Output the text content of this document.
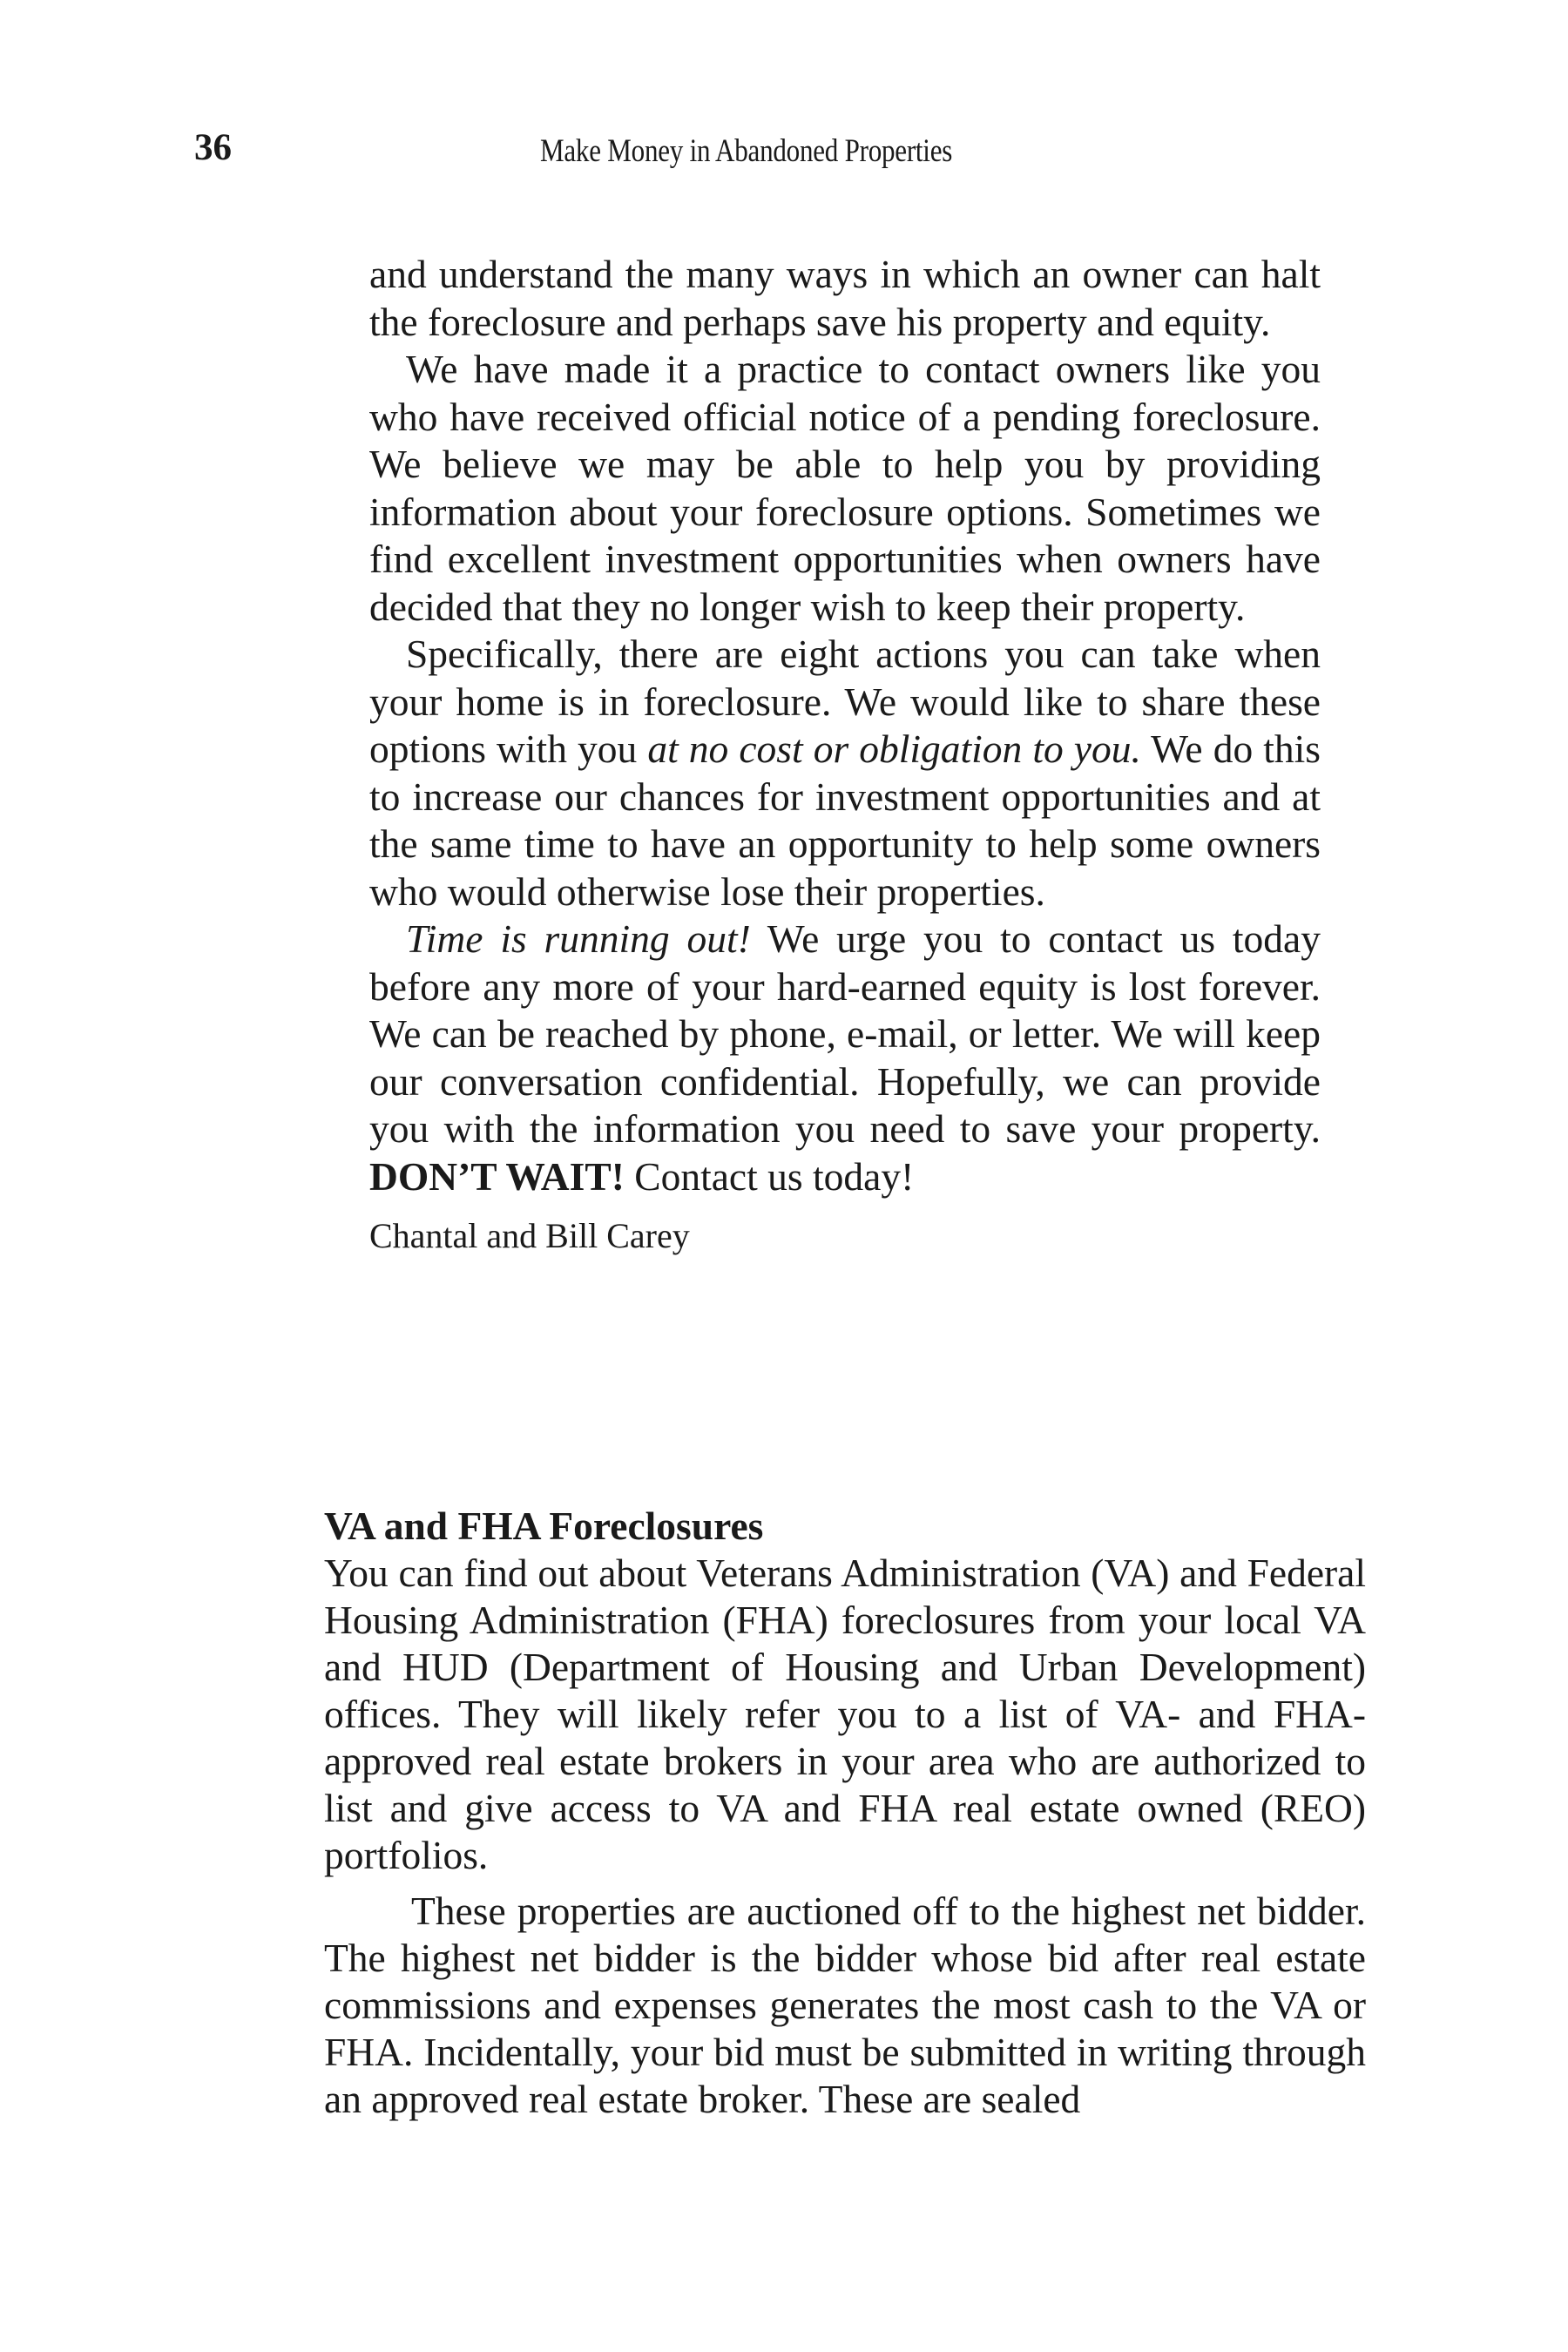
36	Make Money in Abandoned Properties

and understand the many ways in which an owner can halt the foreclosure and perhaps save his property and equity.

We have made it a practice to contact owners like you who have received official notice of a pending foreclosure. We believe we may be able to help you by providing information about your foreclosure options. Sometimes we find excellent investment opportunities when owners have decided that they no longer wish to keep their property.

Specifically, there are eight actions you can take when your home is in foreclosure. We would like to share these options with you at no cost or obligation to you. We do this to increase our chances for investment opportunities and at the same time to have an opportunity to help some owners who would otherwise lose their properties.

Time is running out! We urge you to contact us today before any more of your hard-earned equity is lost forever. We can be reached by phone, e-mail, or letter. We will keep our conversation confidential. Hopefully, we can provide you with the information you need to save your property. DON’T WAIT! Contact us today!

Chantal and Bill Carey

VA and FHA Foreclosures

You can find out about Veterans Administration (VA) and Federal Housing Administration (FHA) foreclosures from your local VA and HUD (Department of Housing and Urban Development) offices. They will likely refer you to a list of VA- and FHA-approved real estate brokers in your area who are authorized to list and give access to VA and FHA real estate owned (REO) portfolios.

These properties are auctioned off to the highest net bidder. The highest net bidder is the bidder whose bid after real estate commissions and expenses generates the most cash to the VA or FHA. Incidentally, your bid must be submitted in writing through an approved real estate broker. These are sealed
